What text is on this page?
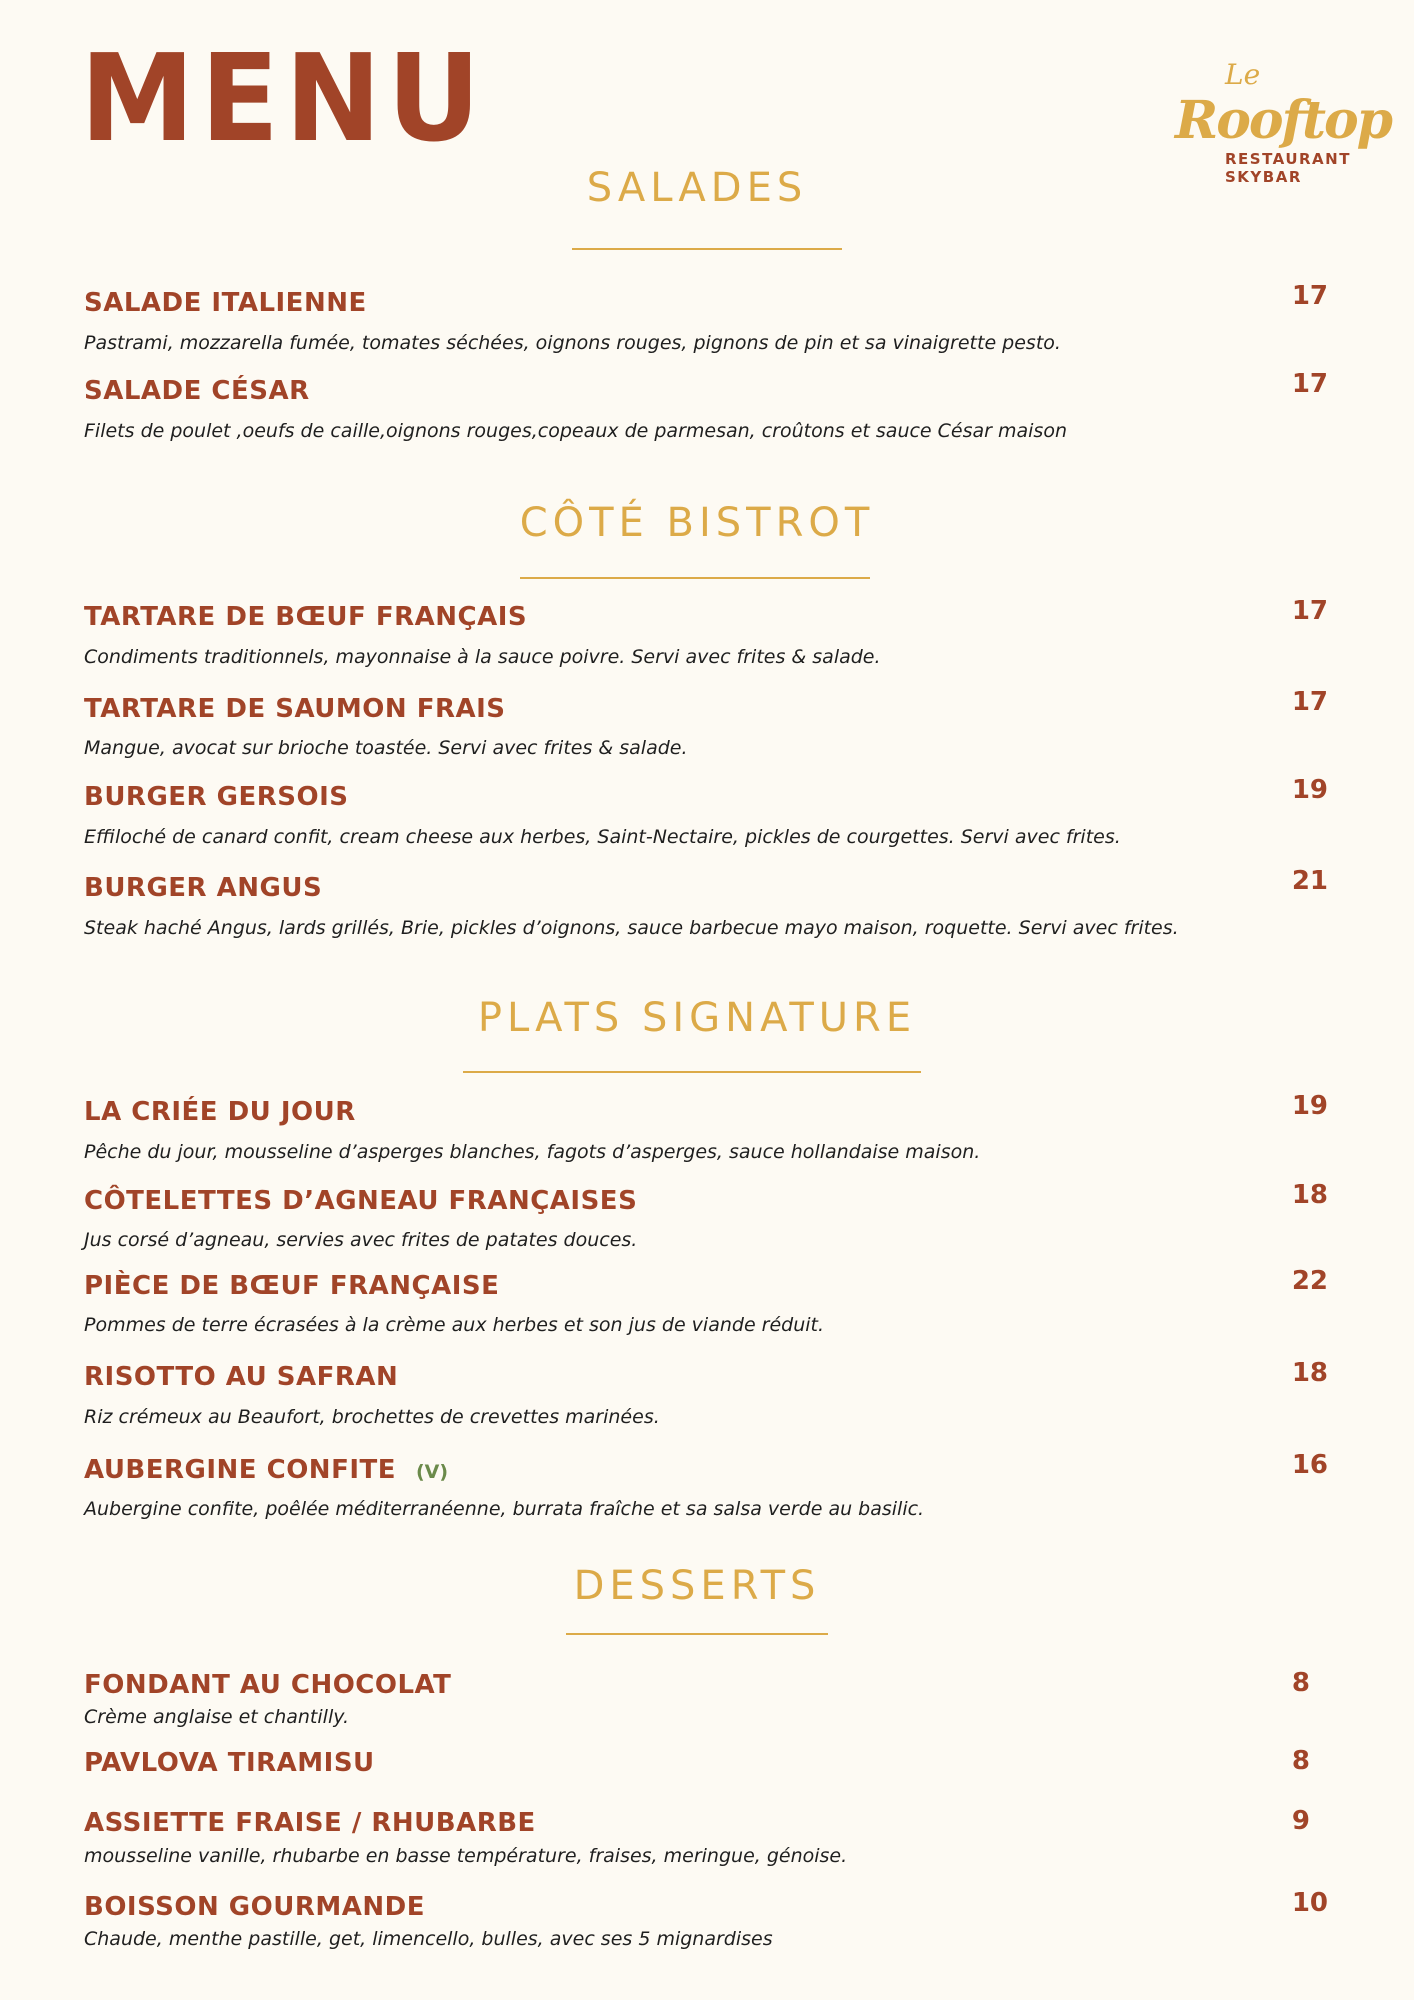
MENU	Le
Rooftop
RESTAURANT
SKYBAR
SALADES
SALADE ITALIENNE	17
Pastrami, mozzarella fumée, tomates séchées, oignons rouges, pignons de pin et sa vinaigrette pesto.
SALADE CÉSAR	17
Filets de poulet ,oeufs de caille,oignons rouges,copeaux de parmesan, croûtons et sauce César maison
CÔTÉ BISTROT
TARTARE DE BŒUF FRANÇAIS	17
Condiments traditionnels, mayonnaise à la sauce poivre. Servi avec frites & salade.
TARTARE DE SAUMON FRAIS	17
Mangue, avocat sur brioche toastée. Servi avec frites & salade.
BURGER GERSOIS	19
Effiloché de canard confit, cream cheese aux herbes, Saint-Nectaire, pickles de courgettes. Servi avec frites.
BURGER ANGUS	21
Steak haché Angus, lards grillés, Brie, pickles d’oignons, sauce barbecue mayo maison, roquette. Servi avec frites.
PLATS SIGNATURE
LA CRIÉE DU JOUR	19
Pêche du jour, mousseline d’asperges blanches, fagots d’asperges, sauce hollandaise maison.
CÔTELETTES D’AGNEAU FRANÇAISES	18
Jus corsé d’agneau, servies avec frites de patates douces.
PIÈCE DE BŒUF FRANÇAISE	22
Pommes de terre écrasées à la crème aux herbes et son jus de viande réduit.
RISOTTO AU SAFRAN	18
Riz crémeux au Beaufort, brochettes de crevettes marinées.
AUBERGINE CONFITE (V)	16
Aubergine confite, poêlée méditerranéenne, burrata fraîche et sa salsa verde au basilic.
DESSERTS
FONDANT AU CHOCOLAT	8
Crème anglaise et chantilly.
PAVLOVA TIRAMISU	8
ASSIETTE FRAISE / RHUBARBE	9
mousseline vanille, rhubarbe en basse température, fraises, meringue, génoise.
BOISSON GOURMANDE	10
Chaude, menthe pastille, get, limencello, bulles, avec ses 5 mignardises
